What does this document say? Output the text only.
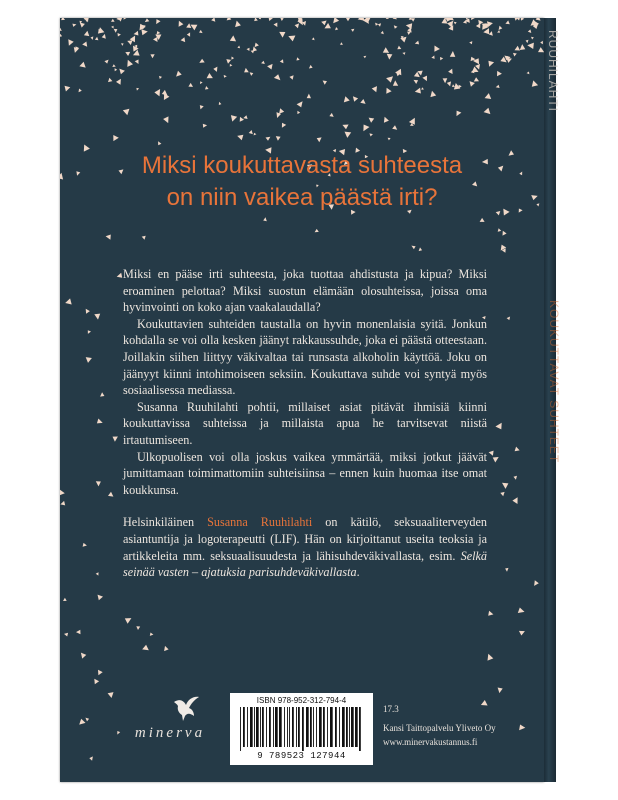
RUUHILAHTI
KOUKUTTAVAT SUHTEET
Miksi koukuttavasta suhteesta
on niin vaikea päästä irti?

Miksi en pääse irti suhteesta, joka tuottaa ahdistusta ja kipua? Miksi eroaminen pelottaa? Miksi suostun elämään olosuhteissa, joissa oma hyvinvointi on koko ajan vaakalaudalla?

Koukuttavien suhteiden taustalla on hyvin monenlaisia syitä. Jonkun kohdalla se voi olla kesken jäänyt rakkaussuhde, joka ei päästä otteestaan. Joillakin siihen liittyy väkivaltaa tai runsasta alkoholin käyttöä. Joku on jäänyyt kiinni intohimoiseen seksiin. Koukuttava suhde voi syntyä myös sosiaalisessa mediassa.

Susanna Ruuhilahti pohtii, millaiset asiat pitävät ihmisiä kiinni koukuttavissa suhteissa ja millaista apua he tarvitsevat niistä irtautumiseen.

Ulkopuolisen voi olla joskus vaikea ymmärtää, miksi jotkut jäävät jumittamaan toimimattomiin suhteisiinsa – ennen kuin huomaa itse omat koukkunsa.

Helsinkiläinen Susanna Ruuhilahti on kätilö, seksuaaliterveyden asiantuntija ja logoterapeutti (LIF). Hän on kirjoittanut useita teoksia ja artikkeleita mm. seksuaalisuudesta ja lähisuhdeväkivallasta, esim. Selkä seinää vasten – ajatuksia parisuhdeväkivallasta.

minerva
ISBN 978-952-312-794-4
9 789523 127944
17.3
Kansi Taittopalvelu Yliveto Oy
www.minervakustannus.fi
